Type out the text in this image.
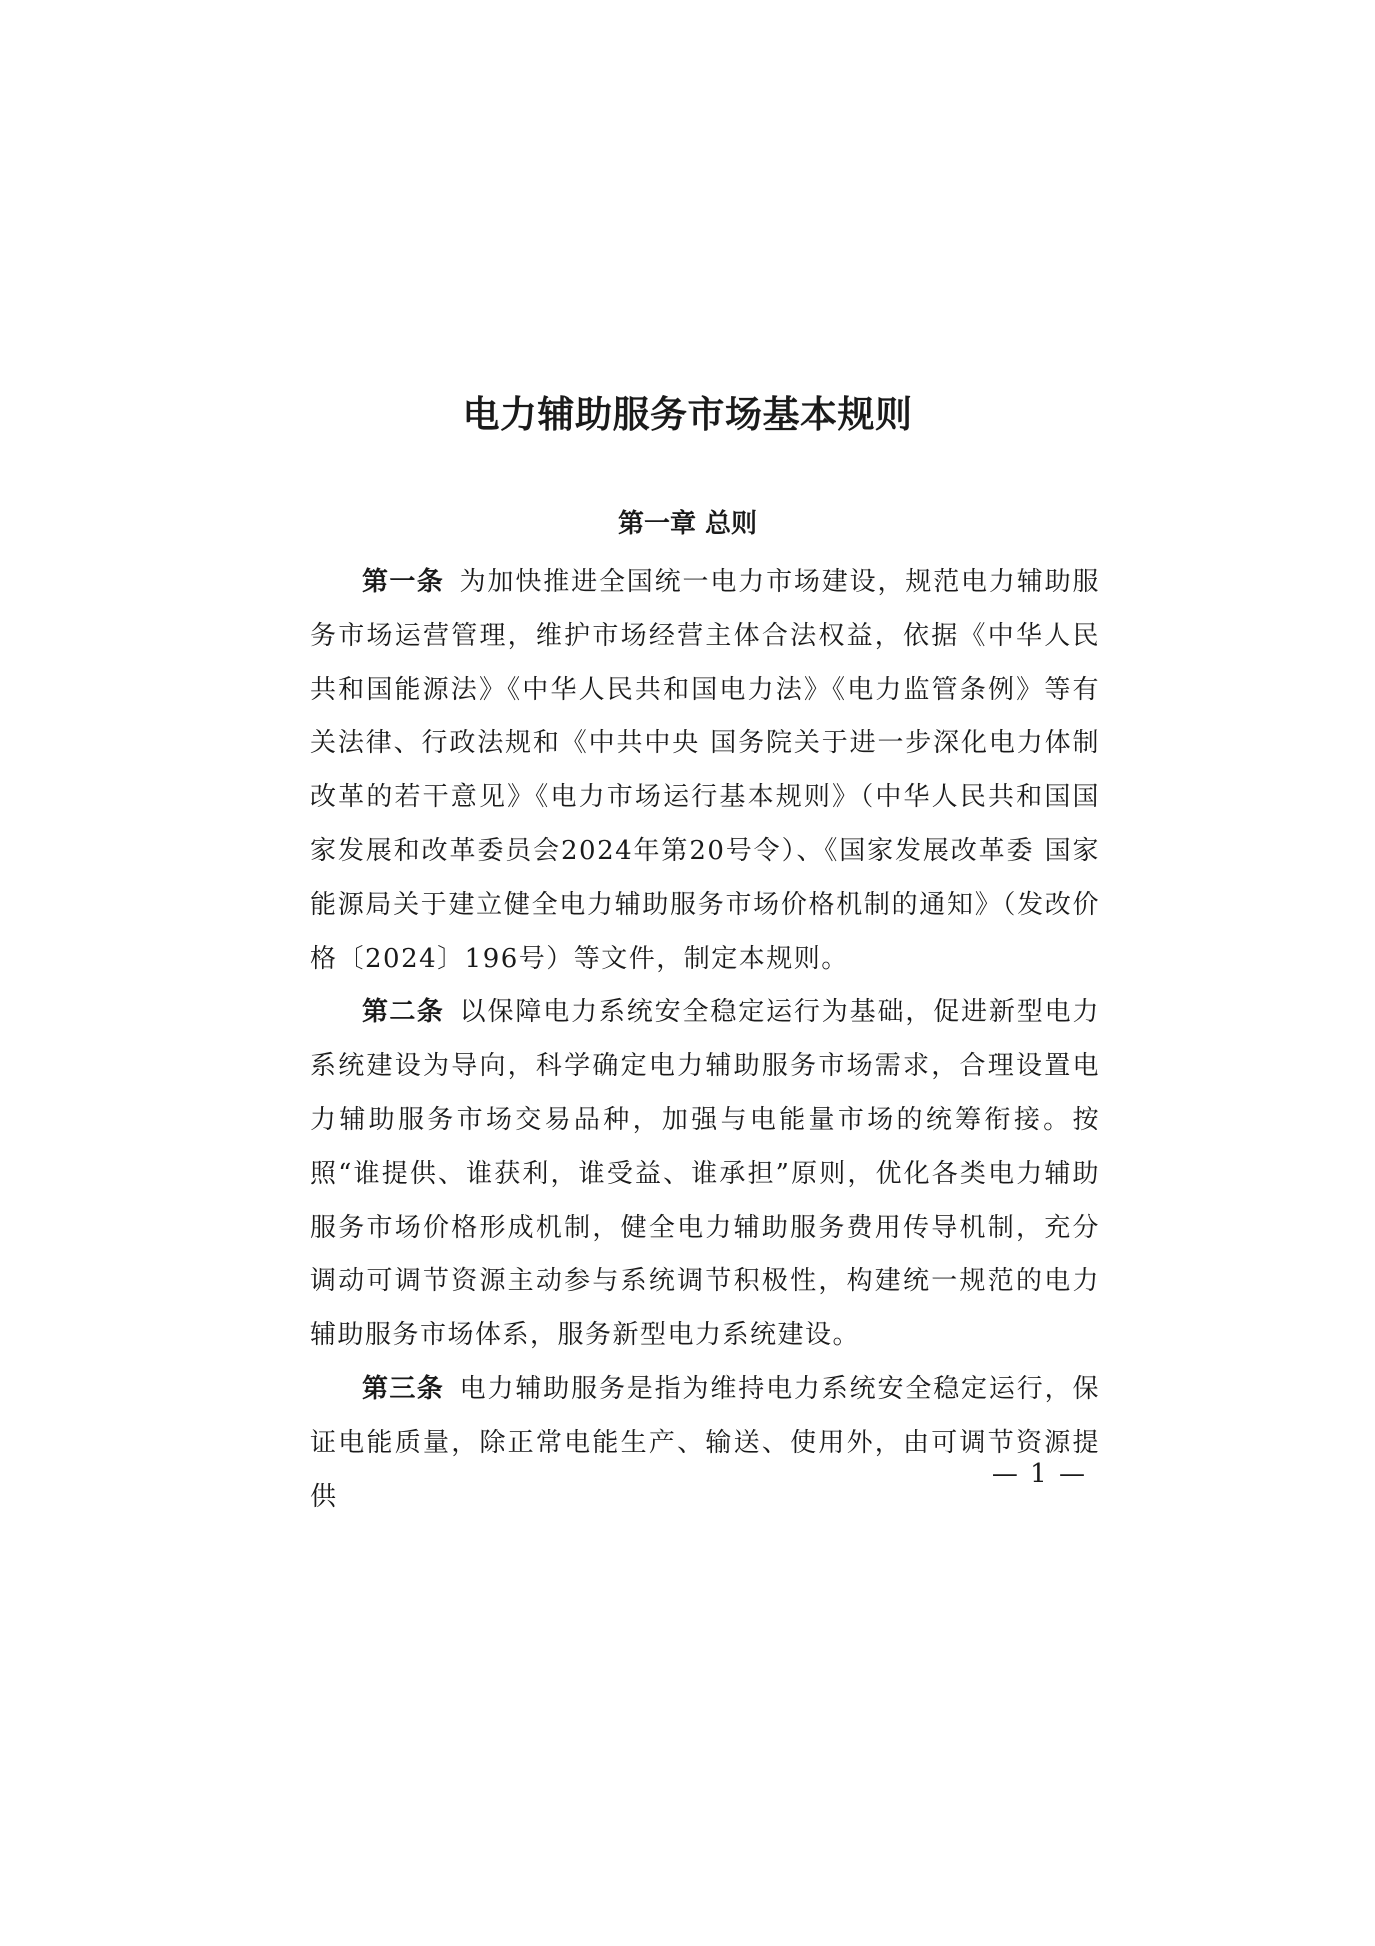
电力辅助服务市场基本规则
第一章 总则

第一条 为加快推进全国统一电力市场建设，规范电力辅助服务市场运营管理，维护市场经营主体合法权益，依据《中华人民共和国能源法》《中华人民共和国电力法》《电力监管条例》等有关法律、行政法规和《中共中央 国务院关于进一步深化电力体制改革的若干意见》《电力市场运行基本规则》（中华人民共和国国家发展和改革委员会2024年第20号令）、《国家发展改革委 国家能源局关于建立健全电力辅助服务市场价格机制的通知》（发改价格〔2024〕196号）等文件，制定本规则。

第二条 以保障电力系统安全稳定运行为基础，促进新型电力系统建设为导向，科学确定电力辅助服务市场需求，合理设置电力辅助服务市场交易品种，加强与电能量市场的统筹衔接。按照“谁提供、谁获利，谁受益、谁承担”原则，优化各类电力辅助服务市场价格形成机制，健全电力辅助服务费用传导机制，充分调动可调节资源主动参与系统调节积极性，构建统一规范的电力辅助服务市场体系，服务新型电力系统建设。

第三条 电力辅助服务是指为维持电力系统安全稳定运行，保证电能质量，除正常电能生产、输送、使用外，由可调节资源提供

— 1 —
